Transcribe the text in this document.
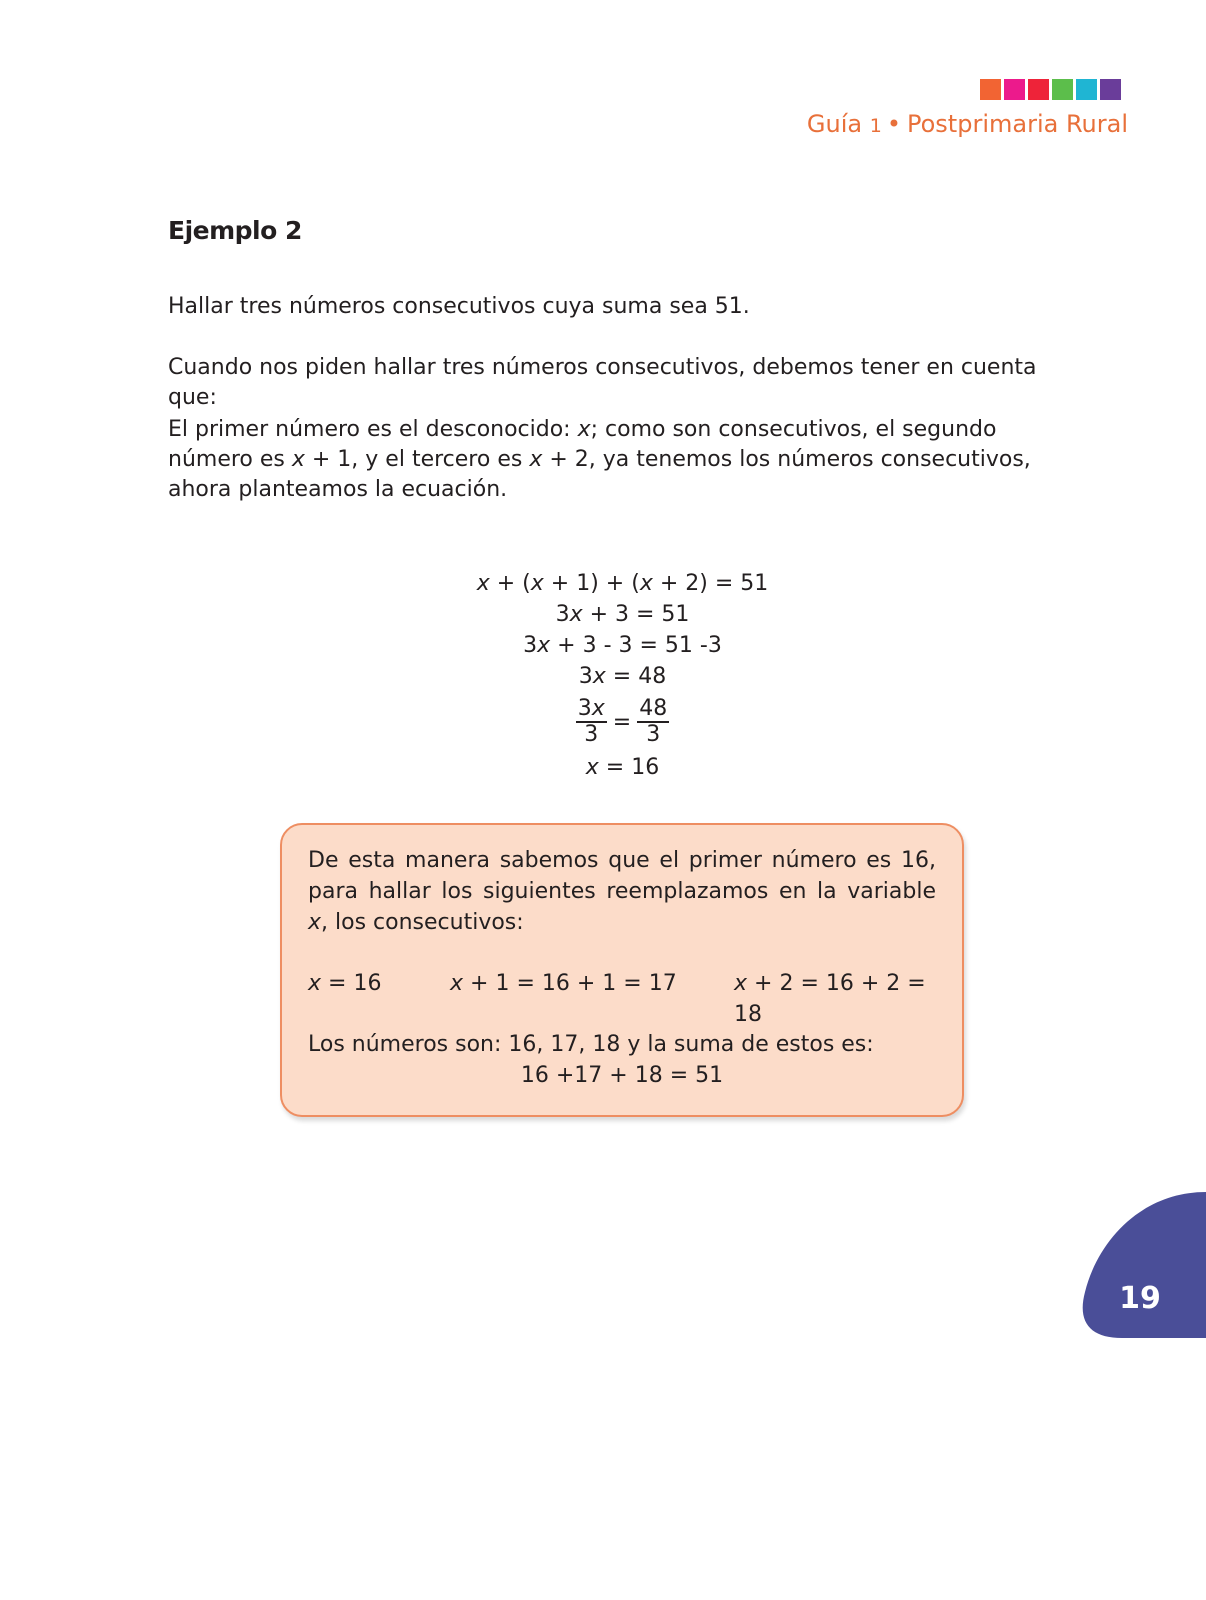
Guía 1 • Postprimaria Rural
Ejemplo 2
Hallar tres números consecutivos cuya suma sea 51.
Cuando nos piden hallar tres números consecutivos, debemos tener en cuenta que:
El primer número es el desconocido: x; como son consecutivos, el segundo número es x + 1, y el tercero es x + 2, ya tenemos los números consecutivos, ahora planteamos la ecuación.
x + (x + 1) + (x + 2) = 51
3x + 3 = 51
3x + 3 - 3 = 51 -3
3x = 48
$\frac{3x}{3} = \frac{48}{3}$
x = 16
De esta manera sabemos que el primer número es 16, para hallar los siguientes reemplazamos en la variable x, los consecutivos:
x = 16	x + 1 = 16 + 1 = 17	x + 2 = 16 + 2 = 18
Los números son: 16, 17, 18 y la suma de estos es:
16 +17 + 18 = 51
19
